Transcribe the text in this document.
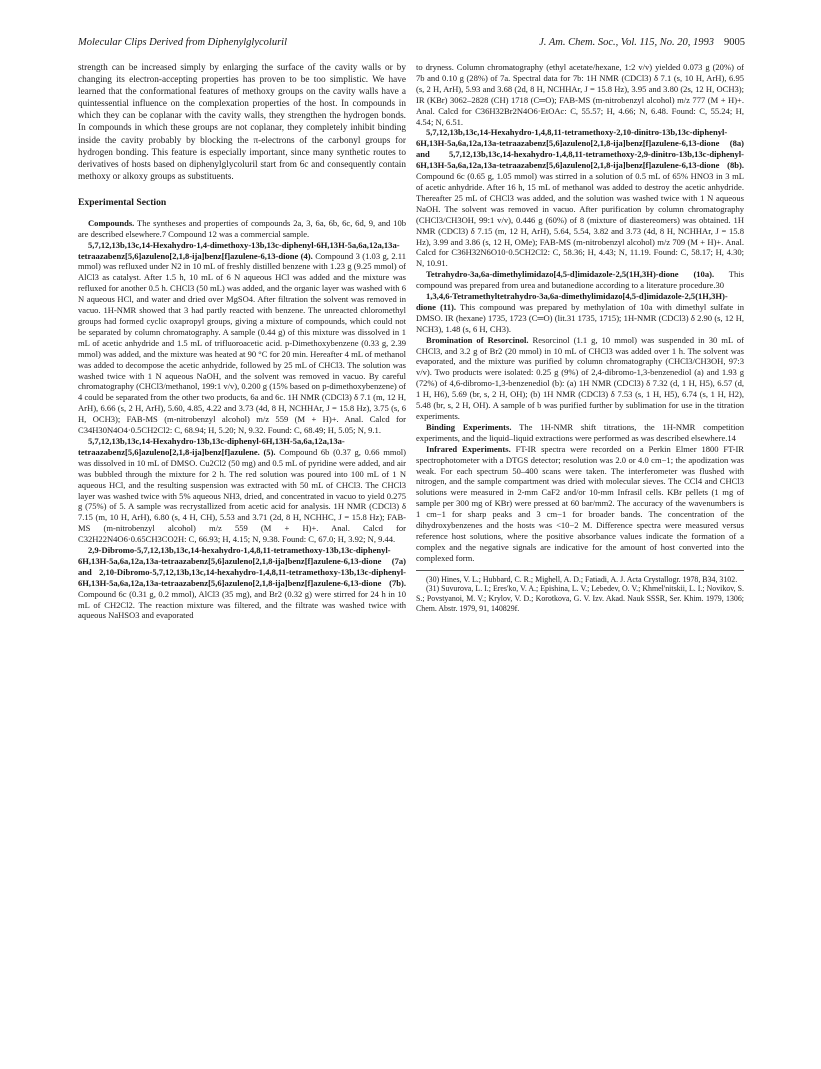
Molecular Clips Derived from Diphenylglycoluril	J. Am. Chem. Soc., Vol. 115, No. 20, 1993 9005

strength can be increased simply by enlarging the surface of the cavity walls or by changing its electron-accepting properties has proven to be too simplistic. We have learned that the conformational features of methoxy groups on the cavity walls have a quintessential influence on the complexation properties of the host. In compounds in which they can be coplanar with the cavity walls, they strengthen the hydrogen bonds. In compounds in which these groups are not coplanar, they completely inhibit binding inside the cavity probably by blocking the π-electrons of the carbonyl groups for hydrogen bonding. This feature is especially important, since many synthetic routes to derivatives of hosts based on diphenylglycoluril start from 6c and consequently contain methoxy or alkoxy groups as substituents.

Experimental Section

Compounds. The syntheses and properties of compounds 2a, 3, 6a, 6b, 6c, 6d, 9, and 10b are described elsewhere.7 Compound 12 was a commercial sample.

5,7,12,13b,13c,14-Hexahydro-1,4-dimethoxy-13b,13c-diphenyl-6H,13H-5a,6a,12a,13a-tetraazabenz[5,6]azuleno[2,1,8-ija]benz[f]azulene-6,13-dione (4). Compound 3 (1.03 g, 2.11 mmol) was refluxed under N2 in 10 mL of freshly distilled benzene with 1.23 g (9.25 mmol) of AlCl3 as catalyst. After 1.5 h, 10 mL of 6 N aqueous HCl was added and the mixture was refluxed for another 0.5 h. CHCl3 (50 mL) was added, and the organic layer was washed with 6 N aqueous HCl, and water and dried over MgSO4. After filtration the solvent was removed in vacuo. 1H-NMR showed that 3 had partly reacted with benzene. The unreacted chloromethyl groups had formed cyclic oxapropyl groups, giving a mixture of compounds, which could not be separated by column chromatography. A sample (0.44 g) of this mixture was dissolved in 1 mL of acetic anhydride and 1.5 mL of trifluoroacetic acid. p-Dimethoxybenzene (0.33 g, 2.39 mmol) was added, and the mixture was heated at 90 °C for 20 min. Hereafter 4 mL of methanol was added to decompose the acetic anhydride, followed by 25 mL of CHCl3. The solution was washed twice with 1 N aqueous NaOH, and the solvent was removed in vacuo. By careful chromatography (CHCl3/methanol, 199:1 v/v), 0.200 g (15% based on p-dimethoxybenzene) of 4 could be separated from the other two products, 6a and 6c. 1H NMR (CDCl3) δ 7.1 (m, 12 H, ArH), 6.66 (s, 2 H, ArH), 5.60, 4.85, 4.22 and 3.73 (4d, 8 H, NCHHAr, J = 15.8 Hz), 3.75 (s, 6 H, OCH3); FAB-MS (m-nitrobenzyl alcohol) m/z 559 (M + H)+. Anal. Calcd for C34H30N4O4·0.5CH2Cl2: C, 68.94; H, 5.20; N, 9.32. Found: C, 68.49; H, 5.05; N, 9.1.

5,7,12,13b,13c,14-Hexahydro-13b,13c-diphenyl-6H,13H-5a,6a,12a,13a-tetraazabenz[5,6]azuleno[2,1,8-ija]benz[f]azulene. (5). Compound 6b (0.37 g, 0.66 mmol) was dissolved in 10 mL of DMSO. Cu2Cl2 (50 mg) and 0.5 mL of pyridine were added, and air was bubbled through the mixture for 2 h. The red solution was poured into 100 mL of 1 N aqueous HCl, and the resulting suspension was extracted with 50 mL of CHCl3. The CHCl3 layer was washed twice with 5% aqueous NH3, dried, and concentrated in vacuo to yield 0.275 g (75%) of 5. A sample was recrystallized from acetic acid for analysis. 1H NMR (CDCl3) δ 7.15 (m, 10 H, ArH), 6.80 (s, 4 H, CH), 5.53 and 3.71 (2d, 8 H, NCHHC, J = 15.8 Hz); FAB-MS (m-nitrobenzyl alcohol) m/z 559 (M + H)+. Anal. Calcd for C32H22N4O6·0.65CH3CO2H: C, 66.93; H, 4.15; N, 9.38. Found: C, 67.0; H, 3.92; N, 9.44.

2,9-Dibromo-5,7,12,13b,13c,14-hexahydro-1,4,8,11-tetramethoxy-13b,13c-diphenyl-6H,13H-5a,6a,12a,13a-tetraazabenz[5,6]azuleno[2,1,8-ija]benz[f]azulene-6,13-dione (7a) and 2,10-Dibromo-5,7,12,13b,13c,14-hexahydro-1,4,8,11-tetramethoxy-13b,13c-diphenyl-6H,13H-5a,6a,12a,13a-tetraazabenz[5,6]azuleno[2,1,8-ija]benz[f]azulene-6,13-dione (7b). Compound 6c (0.31 g, 0.2 mmol), AlCl3 (35 mg), and Br2 (0.32 g) were stirred for 24 h in 10 mL of CH2Cl2. The reaction mixture was filtered, and the filtrate was washed twice with aqueous NaHSO3 and evaporated

to dryness. Column chromatography (ethyl acetate/hexane, 1:2 v/v) yielded 0.073 g (20%) of 7b and 0.10 g (28%) of 7a. Spectral data for 7b: 1H NMR (CDCl3) δ 7.1 (s, 10 H, ArH), 6.95 (s, 2 H, ArH), 5.93 and 3.68 (2d, 8 H, NCHHAr, J = 15.8 Hz), 3.95 and 3.80 (2s, 12 H, OCH3); IR (KBr) 3062–2828 (CH) 1718 (C═O); FAB-MS (m-nitrobenzyl alcohol) m/z 777 (M + H)+. Anal. Calcd for C36H32Br2N4O6·EtOAc: C, 55.57; H, 4.66; N, 6.48. Found: C, 55.24; H, 4.54; N, 6.51.

5,7,12,13b,13c,14-Hexahydro-1,4,8,11-tetramethoxy-2,10-dinitro-13b,13c-diphenyl-6H,13H-5a,6a,12a,13a-tetraazabenz[5,6]azuleno[2,1,8-ija]benz[f]azulene-6,13-dione (8a) and 5,7,12,13b,13c,14-hexahydro-1,4,8,11-tetramethoxy-2,9-dinitro-13b,13c-diphenyl-6H,13H-5a,6a,12a,13a-tetraazabenz[5,6]azuleno[2,1,8-ija]benz[f]azulene-6,13-dione (8b). Compound 6c (0.65 g, 1.05 mmol) was stirred in a solution of 0.5 mL of 65% HNO3 in 3 mL of acetic anhydride. After 16 h, 15 mL of methanol was added to destroy the acetic anhydride. Thereafter 25 mL of CHCl3 was added, and the solution was washed twice with 1 N aqueous NaOH. The solvent was removed in vacuo. After purification by column chromatography (CHCl3/CH3OH, 99:1 v/v), 0.446 g (60%) of 8 (mixture of diastereomers) was obtained. 1H NMR (CDCl3) δ 7.15 (m, 12 H, ArH), 5.64, 5.54, 3.82 and 3.73 (4d, 8 H, NCHHAr, J = 15.8 Hz), 3.99 and 3.86 (s, 12 H, OMe); FAB-MS (m-nitrobenzyl alcohol) m/z 709 (M + H)+. Anal. Calcd for C36H32N6O10·0.5CH2Cl2: C, 58.36; H, 4.43; N, 11.19. Found: C, 58.17; H, 4.30; N, 10.91.

Tetrahydro-3a,6a-dimethylimidazo[4,5-d]imidazole-2,5(1H,3H)-dione (10a). This compound was prepared from urea and butanedione according to a literature procedure.30

1,3,4,6-Tetramethyltetrahydro-3a,6a-dimethylimidazo[4,5-d]imidazole-2,5(1H,3H)-dione (11). This compound was prepared by methylation of 10a with dimethyl sulfate in DMSO. IR (hexane) 1735, 1723 (C═O) (lit.31 1735, 1715); 1H-NMR (CDCl3) δ 2.90 (s, 12 H, NCH3), 1.48 (s, 6 H, CH3).

Bromination of Resorcinol. Resorcinol (1.1 g, 10 mmol) was suspended in 30 mL of CHCl3, and 3.2 g of Br2 (20 mmol) in 10 mL of CHCl3 was added over 1 h. The solvent was evaporated, and the mixture was purified by column chromatography (CHCl3/CH3OH, 97:3 v/v). Two products were isolated: 0.25 g (9%) of 2,4-dibromo-1,3-benzenediol (a) and 1.93 g (72%) of 4,6-dibromo-1,3-benzenediol (b): (a) 1H NMR (CDCl3) δ 7.32 (d, 1 H, H5), 6.57 (d, 1 H, H6), 5.69 (br, s, 2 H, OH); (b) 1H NMR (CDCl3) δ 7.53 (s, 1 H, H5), 6.74 (s, 1 H, H2), 5.48 (br, s, 2 H, OH). A sample of b was purified further by sublimation for use in the titration experiments.

Binding Experiments. The 1H-NMR shift titrations, the 1H-NMR competition experiments, and the liquid–liquid extractions were performed as was described elsewhere.14

Infrared Experiments. FT-IR spectra were recorded on a Perkin Elmer 1800 FT-IR spectrophotometer with a DTGS detector; resolution was 2.0 or 4.0 cm−1; the apodization was weak. For each spectrum 50–400 scans were taken. The interferometer was flushed with nitrogen, and the sample compartment was dried with molecular sieves. The CCl4 and CHCl3 solutions were measured in 2-mm CaF2 and/or 10-mm Infrasil cells. KBr pellets (1 mg of sample per 300 mg of KBr) were pressed at 60 bar/mm2. The accuracy of the wavenumbers is 1 cm−1 for sharp peaks and 3 cm−1 for broader bands. The concentration of the dihydroxybenzenes and the hosts was <10−2 M. Difference spectra were measured versus reference host solutions, where the positive absorbance values indicate the formation of a complex and the negative signals are indicative for the amount of host converted into the complexed form.

(30) Hines, V. L.; Hubbard, C. R.; Mighell, A. D.; Fatiadi, A. J. Acta Crystallogr. 1978, B34, 3102.

(31) Suvurova, L. I.; Eres'ko, V. A.; Epishina, L. V.; Lebedev, O. V.; Khmel'nitskii, L. I.; Novikov, S. S.; Povstyanoi, M. V.; Krylov, V. D.; Korotkova, G. V. Izv. Akad. Nauk SSSR, Ser. Khim. 1979, 1306; Chem. Abstr. 1979, 91, 140829f.
